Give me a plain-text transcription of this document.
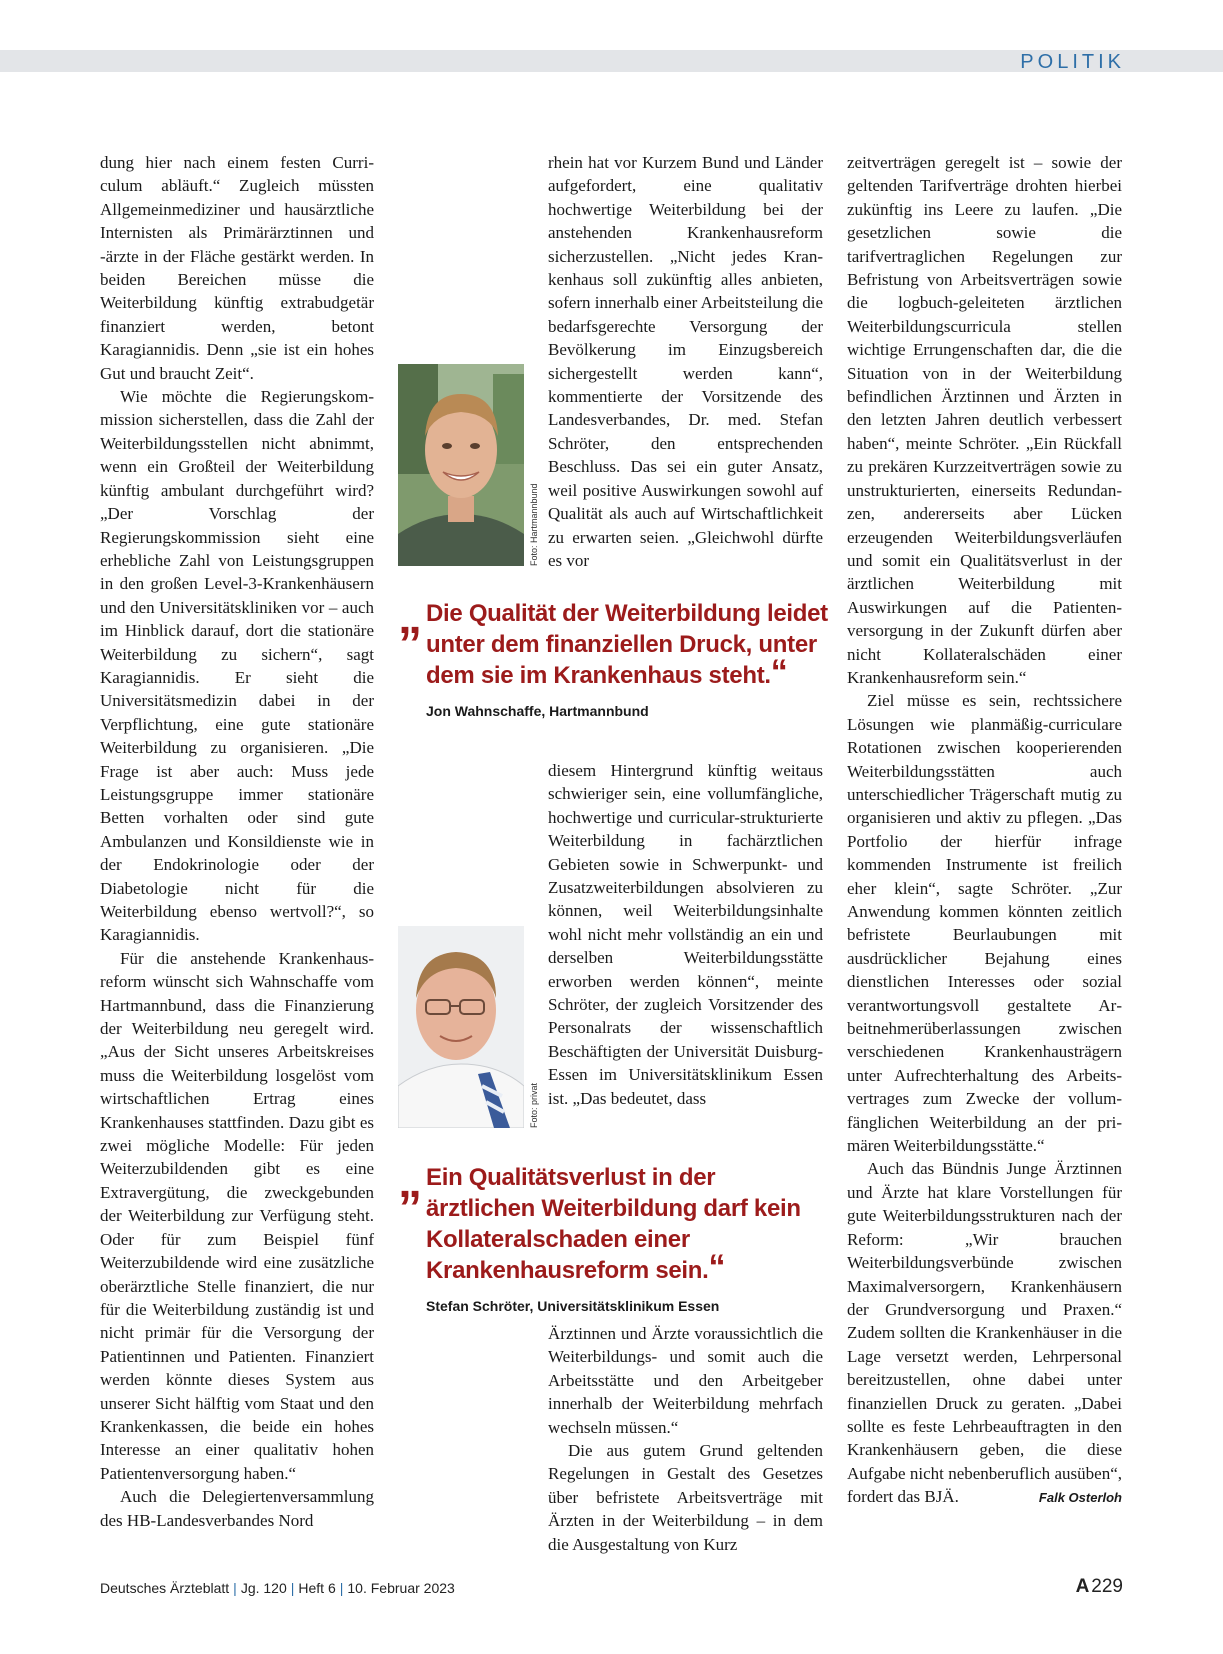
POLITIK

dung hier nach einem festen Curriculum abläuft.“ Zugleich müssten Allgemeinmediziner und hausärztliche Internisten als Primärärztinnen und -ärzte in der Fläche gestärkt werden. In beiden Bereichen müsse die Weiterbildung künftig extrabudgetär finanziert werden, betont Karagiannidis. Denn „sie ist ein hohes Gut und braucht Zeit“.

Wie möchte die Regierungskommission sicherstellen, dass die Zahl der Weiterbildungsstellen nicht abnimmt, wenn ein Großteil der Weiterbildung künftig ambulant durchgeführt wird? „Der Vorschlag der Regierungskommission sieht eine erhebliche Zahl von Leistungsgruppen in den großen Level-3-Krankenhäusern und den Universitätskliniken vor – auch im Hinblick darauf, dort die stationäre Weiterbildung zu sichern“, sagt Karagiannidis. Er sieht die Universitätsmedizin dabei in der Verpflichtung, eine gute stationäre Weiterbildung zu organisieren. „Die Frage ist aber auch: Muss jede Leistungsgruppe immer stationäre Betten vorhalten oder sind gute Ambulanzen und Konsildienste wie in der Endokrinologie oder der Diabetologie nicht für die Weiterbildung ebenso wertvoll?“, so Karagiannidis.

Für die anstehende Krankenhausreform wünscht sich Wahnschaffe vom Hartmannbund, dass die Finanzierung der Weiterbildung neu geregelt wird. „Aus der Sicht unseres Arbeitskreises muss die Weiterbildung losgelöst vom wirtschaftlichen Ertrag eines Krankenhauses stattfinden. Dazu gibt es zwei mögliche Modelle: Für jeden Weiterzubildenden gibt es eine Extravergütung, die zweckgebunden der Weiterbildung zur Verfügung steht. Oder für zum Beispiel fünf Weiterzubildende wird eine zusätzliche oberärztliche Stelle finanziert, die nur für die Weiterbildung zuständig ist und nicht primär für die Versorgung der Patientinnen und Patienten. Finanziert werden könnte dieses System aus unserer Sicht hälftig vom Staat und den Krankenkassen, die beide ein hohes Interesse an einer qualitativ hohen Patientenversorgung haben.“

Auch die Delegiertenversammlung des HB-Landesverbandes Nord

rhein hat vor Kurzem Bund und Länder aufgefordert, eine qualitativ hochwertige Weiterbildung bei der anstehenden Krankenhausreform sicherzustellen. „Nicht jedes Krankenhaus soll zukünftig alles anbieten, sofern innerhalb einer Arbeitsteilung die bedarfsgerechte Versorgung der Bevölkerung im Einzugsbereich sichergestellt werden kann“, kommentierte der Vorsitzende des Landesverbandes, Dr. med. Stefan Schröter, den entsprechenden Beschluss. Das sei ein guter Ansatz, weil positive Auswirkungen sowohl auf Qualität als auch auf Wirtschaftlichkeit zu erwarten seien. „Gleichwohl dürfte es vor

Foto: Hartmannbund
„ Die Qualität der Weiterbildung leidet unter dem finanziellen Druck, unter dem sie im Krankenhaus steht.“
Jon Wahnschaffe, Hartmannbund

diesem Hintergrund künftig weitaus schwieriger sein, eine vollumfängliche, hochwertige und curricular-strukturierte Weiterbildung in fachärztlichen Gebieten sowie in Schwerpunkt- und Zusatzweiterbildungen absolvieren zu können, weil Weiterbildungsinhalte wohl nicht mehr vollständig an ein und derselben Weiterbildungsstätte erworben werden können“, meinte Schröter, der zugleich Vorsitzender des Personalrats der wissenschaftlich Beschäftigten der Universität Duisburg-Essen im Universitätsklinikum Essen ist. „Das bedeutet, dass

Foto: privat
„ Ein Qualitätsverlust in der ärztlichen Weiterbildung darf kein Kollateralschaden einer Krankenhausreform sein.“
Stefan Schröter, Universitätsklinikum Essen

Ärztinnen und Ärzte voraussichtlich die Weiterbildungs- und somit auch die Arbeitsstätte und den Arbeitgeber innerhalb der Weiterbildung mehrfach wechseln müssen.“

Die aus gutem Grund geltenden Regelungen in Gestalt des Gesetzes über befristete Arbeitsverträge mit Ärzten in der Weiterbildung – in dem die Ausgestaltung von Kurz

zeitverträgen geregelt ist – sowie der geltenden Tarifverträge drohten hierbei zukünftig ins Leere zu laufen. „Die gesetzlichen sowie die tarifvertraglichen Regelungen zur Befristung von Arbeitsverträgen sowie die logbuch-geleiteten ärztlichen Weiterbildungscurricula stellen wichtige Errungenschaften dar, die die Situation von in der Weiterbildung befindlichen Ärztinnen und Ärzten in den letzten Jahren deutlich verbessert haben“, meinte Schröter. „Ein Rückfall zu prekären Kurzzeitverträgen sowie zu unstrukturierten, einerseits Redundanzen, andererseits aber Lücken erzeugenden Weiterbildungsverläufen und somit ein Qualitätsverlust in der ärztlichen Weiterbildung mit Auswirkungen auf die Patientenversorgung in der Zukunft dürfen aber nicht Kollateralschäden einer Krankenhausreform sein.“

Ziel müsse es sein, rechtssichere Lösungen wie planmäßig-curriculare Rotationen zwischen kooperierenden Weiterbildungsstätten auch unterschiedlicher Trägerschaft mutig zu organisieren und aktiv zu pflegen. „Das Portfolio der hierfür infrage kommenden Instrumente ist freilich eher klein“, sagte Schröter. „Zur Anwendung kommen könnten zeitlich befristete Beurlaubungen mit ausdrücklicher Bejahung eines dienstlichen Interesses oder sozial verantwortungsvoll gestaltete Arbeitnehmerüberlassungen zwischen verschiedenen Krankenhausträgern unter Aufrechterhaltung des Arbeitsvertrages zum Zwecke der vollumfänglichen Weiterbildung an der primären Weiterbildungsstätte.“

Auch das Bündnis Junge Ärztinnen und Ärzte hat klare Vorstellungen für gute Weiterbildungsstrukturen nach der Reform: „Wir brauchen Weiterbildungsverbünde zwischen Maximalversorgern, Krankenhäusern der Grundversorgung und Praxen.“ Zudem sollten die Krankenhäuser in die Lage versetzt werden, Lehrpersonal bereitzustellen, ohne dabei unter finanziellen Druck zu geraten. „Dabei sollte es feste Lehrbeauftragten in den Krankenhäusern geben, die diese Aufgabe nicht nebenberuflich ausüben“, fordert das BJÄ.	Falk Osterloh
Deutsches Ärzteblatt | Jg. 120 | Heft 6 | 10. Februar 2023	A 229
